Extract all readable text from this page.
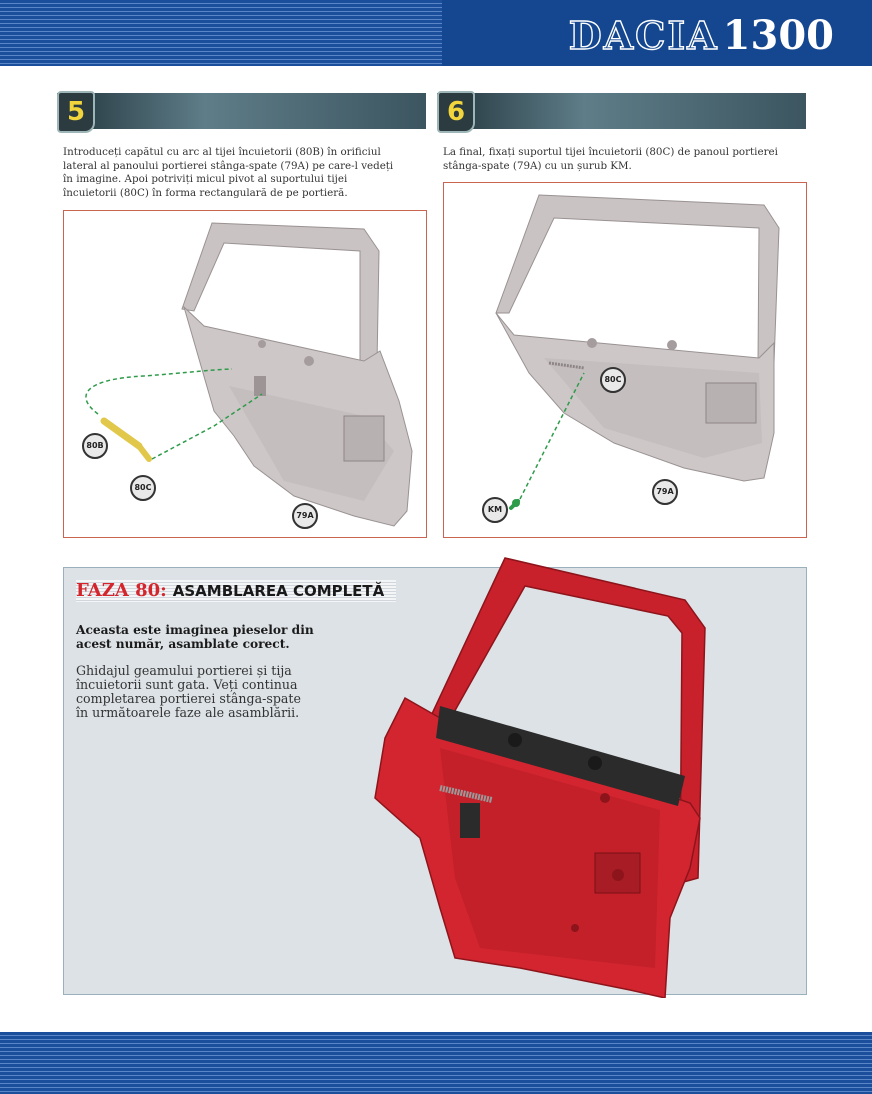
DACIA 1300
5
Introduceți capătul cu arc al tijei încuietorii (80B) în orificiul lateral al panoului portierei stânga-spate (79A) pe care-l vedeți în imagine. Apoi potriviți micul pivot al suportului tijei încuietorii (80C) în forma rectangulară de pe portieră.
80B
80C
79A
6
La final, fixați suportul tijei încuietorii (80C) de panoul portierei stânga-spate (79A) cu un șurub KM.
80C
79A
KM
FAZA 80: ASAMBLAREA COMPLETĂ
Aceasta este imaginea pieselor din acest număr, asamblate corect.
Ghidajul geamului portierei și tija încuietorii sunt gata. Veți continua completarea portierei stânga-spate în următoarele faze ale asamblării.
